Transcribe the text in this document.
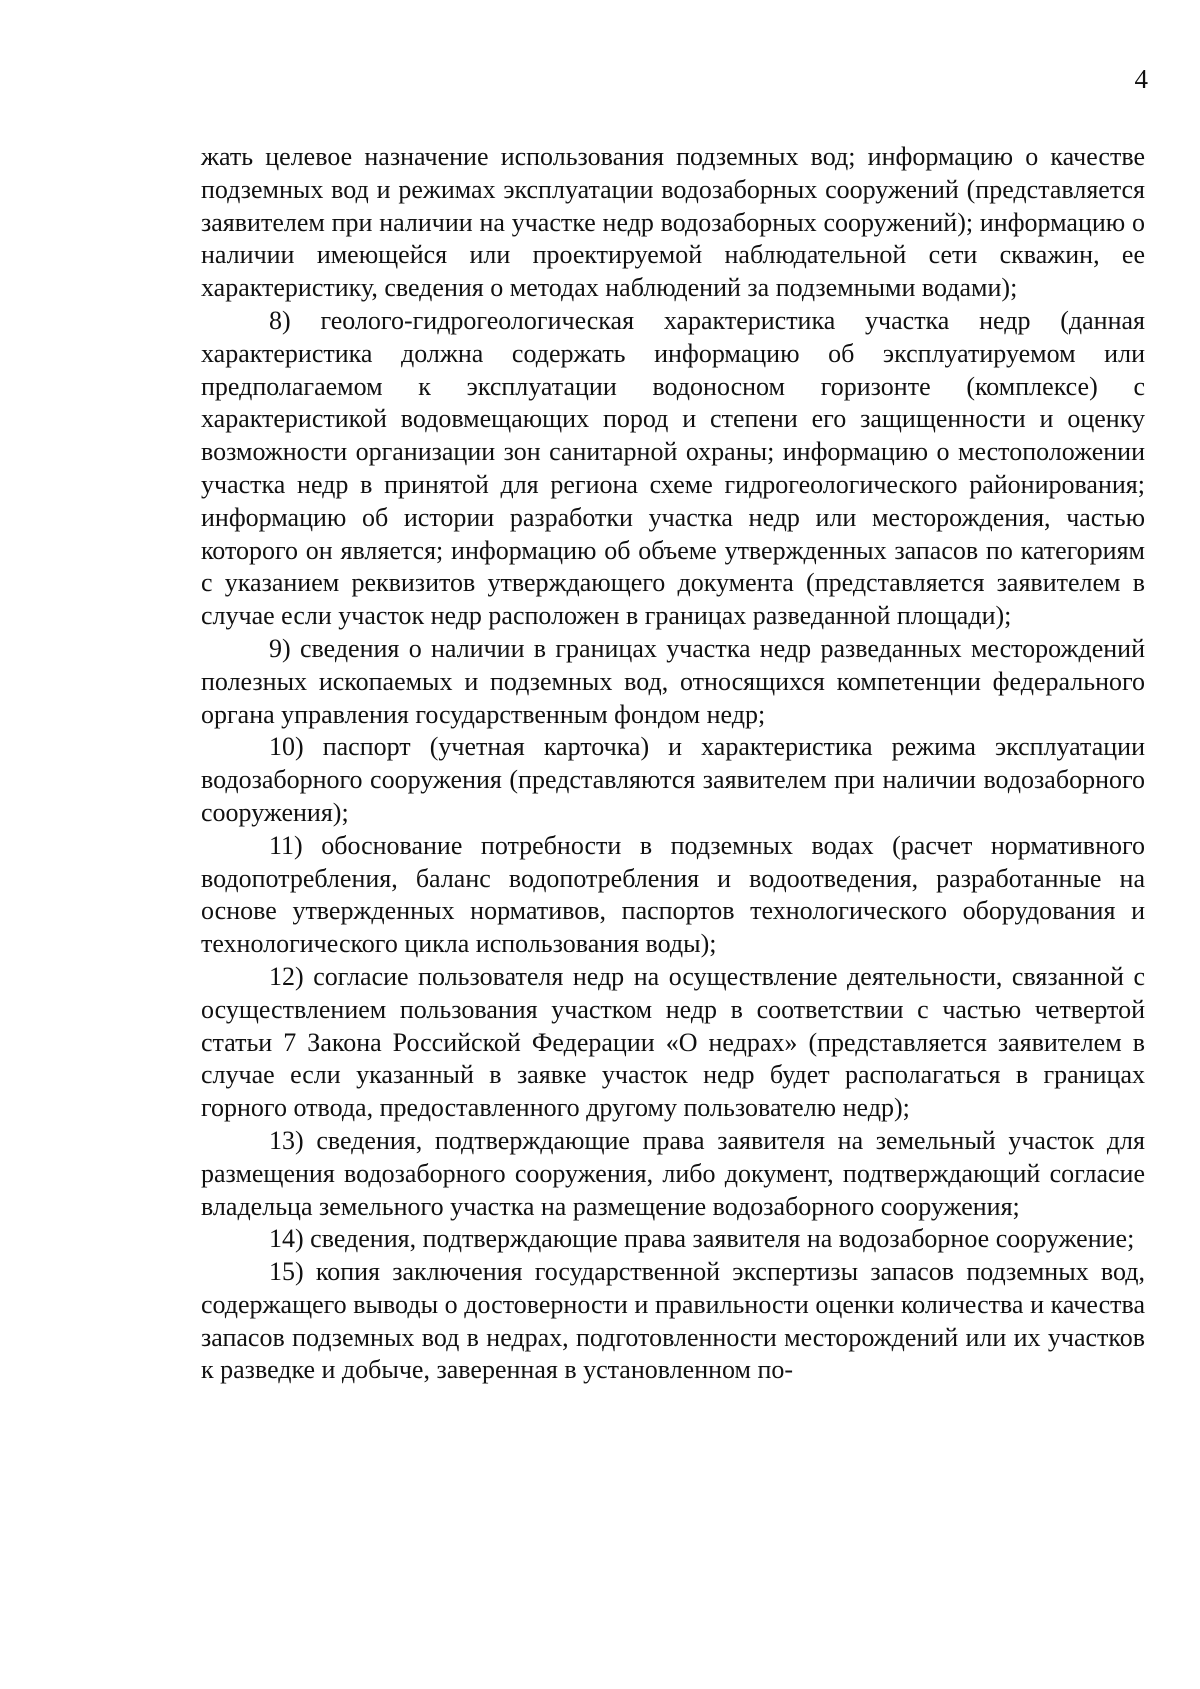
4

жать целевое назначение использования подземных вод; информацию о качестве подземных вод и режимах эксплуатации водозаборных сооружений (представляется заявителем при наличии на участке недр водозаборных сооружений); информацию о наличии имеющейся или проектируемой наблюдательной сети скважин, ее характеристику, сведения о методах наблюдений за подземными водами);

8) геолого-гидрогеологическая характеристика участка недр (данная характеристика должна содержать информацию об эксплуатируемом или предполагаемом к эксплуатации водоносном горизонте (комплексе) с характеристикой водовмещающих пород и степени его защищенности и оценку возможности организации зон санитарной охраны; информацию о местоположении участка недр в принятой для региона схеме гидрогеологического районирования; информацию об истории разработки участка недр или месторождения, частью которого он является; информацию об объеме утвержденных запасов по категориям с указанием реквизитов утверждающего документа (представляется заявителем в случае если участок недр расположен в границах разведанной площади);

9) сведения о наличии в границах участка недр разведанных месторождений полезных ископаемых и подземных вод, относящихся компетенции федерального органа управления государственным фондом недр;

10) паспорт (учетная карточка) и характеристика режима эксплуатации водозаборного сооружения (представляются заявителем при наличии водозаборного сооружения);

11) обоснование потребности в подземных водах (расчет нормативного водопотребления, баланс водопотребления и водоотведения, разработанные на основе утвержденных нормативов, паспортов технологического оборудования и технологического цикла использования воды);

12) согласие пользователя недр на осуществление деятельности, связанной с осуществлением пользования участком недр в соответствии с частью четвертой статьи 7 Закона Российской Федерации «О недрах» (представляется заявителем в случае если указанный в заявке участок недр будет располагаться в границах горного отвода, предоставленного другому пользователю недр);

13) сведения, подтверждающие права заявителя на земельный участок для размещения водозаборного сооружения, либо документ, подтверждающий согласие владельца земельного участка на размещение водозаборного сооружения;

14) сведения, подтверждающие права заявителя на водозаборное сооружение;

15) копия заключения государственной экспертизы запасов подземных вод, содержащего выводы о достоверности и правильности оценки количества и качества запасов подземных вод в недрах, подготовленности месторождений или их участков к разведке и добыче, заверенная в установленном по-
